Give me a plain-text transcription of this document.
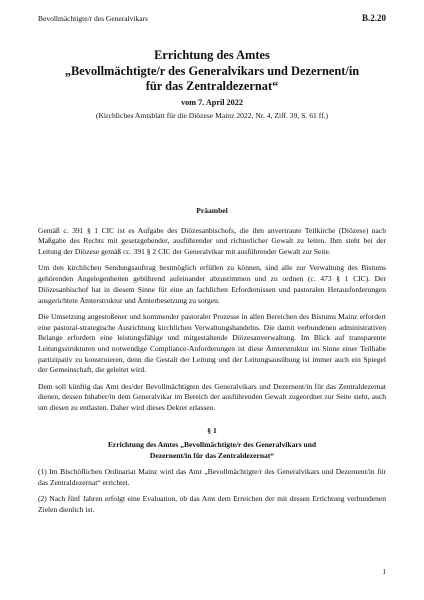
Bevollmächtigte/r des Generalvikars	B.2.20

Errichtung des Amtes

„Bevollmächtigte/r des Generalvikars und Dezernent/in

für das Zentraldezernat“

vom 7. April 2022
(Kirchliches Amtsblatt für die Diözese Mainz 2022, Nr. 4, Ziff. 39, S. 61 ff.)

Präambel

Gemäß c. 391 § 1 CIC ist es Aufgabe des Diözesanbischofs, die ihm anvertraute Teilkirche (Diözese) nach Maßgabe des Rechts mit gesetzgebender, ausführender und richterlicher Gewalt zu leiten. Ihm steht bei der Leitung der Diözese gemäß cc. 391 § 2 CIC der Generalvikar mit ausführender Gewalt zur Seite.

Um den kirchlichen Sendungsauftrag bestmöglich erfüllen zu können, sind alle zur Verwaltung des Bistums gehörenden Angelegenheiten gebührend aufeinander abzustimmen und zu ordnen (c. 473 § 1 CIC). Der Diözesanbischof hat in diesem Sinne für eine an fachlichen Erfordernissen und pastoralen Herausforderungen ausgerichtete Ämterstruktur und Ämterbesetzung zu sorgen.

Die Umsetzung angestoßener und kommender pastoraler Prozesse in allen Bereichen des Bistums Mainz erfordert eine pastoral-strategische Ausrichtung kirchlichen Verwaltungshandelns. Die damit verbundenen administrativen Belange erfordern eine leistungsfähige und mitgestaltende Diözesanverwaltung. Im Blick auf transparente Leitungsstrukturen und notwendige Compliance-Anforderungen ist diese Ämterstruktur im Sinne einer Teilhabe partizipativ zu konstruieren, denn die Gestalt der Leitung und der Leitungsausübung ist immer auch ein Spiegel der Gemeinschaft, die geleitet wird.

Dem soll künftig das Amt des/der Bevollmächtigten des Generalvikars und Dezernent/in für das Zentraldezernat dienen, dessen Inhaber/in dem Generalvikar im Bereich der ausführenden Gewalt zugeordnet zur Seite steht, auch um diesen zu entlasten. Daher wird dieses Dekret erlassen.

§ 1

Errichtung des Amtes „Bevollmächtigte/r des Generalvikars und

Dezernent/in für das Zentraldezernat“

(1) Im Bischöflichen Ordinariat Mainz wird das Amt „Bevollmächtigte/r des Generalvikars und Dezernent/in für das Zentraldezernat“ errichtet.

(2) Nach fünf Jahren erfolgt eine Evaluation, ob das Amt dem Erreichen der mit dessen Errichtung verbundenen Zielen dienlich ist.

1
